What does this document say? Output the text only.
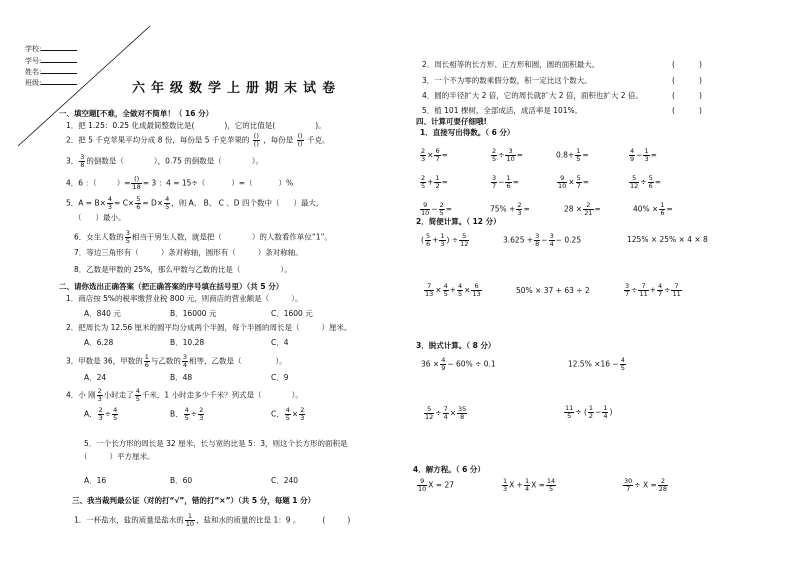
学校:
学号:
姓名:
班级:	六年级数学上册期末试卷
一、填空题[不难，全做对不简单！（ 16 分）
1．把 1.25：0.25 化成最简整数比是(	)，它的比值是(	)。
2．把 5 千克苹果平均分成 8 份，每份是 5 千克苹果的 $\frac{()}{()}$ ，每份是 $\frac{()}{()}$ 千克。
3． $\frac{3}{8}$ 的倒数是（	），0.75 的倒数是（	）。
4．6 ：（	）= $\frac{()}{18} = 3$ ：4 = 15÷（	）=（	）%
5．$A = B\times \frac{4}{3} = C\times \frac{5}{6} = D\times \frac{4}{5}$ ，则 A、 B、 C 、D 四个数中（ ）最大,
（ ）最小。
6．女生人数的 $\frac{3}{5}$ 相当于男生人数，就是把（	）的人数看作单位“1”。
7．等边三角形有（	）条对称轴，圆形有（	）条对称轴。
8．乙数是甲数的 25%，那么甲数与乙数的比是（	）。
二、请你选出正确答案（把正确答案的序号填在括号里）（共 5 分）
1．商店按 5%的税率缴营业税 800 元，则商店的营业额是（	）。
A．840 元	B．16000 元	C．1600 元
2．把周长为 12.56 厘米的圆平均分成两个半圆，每个半圆的周长是（	）厘米。
A．6.28	B．10.28	C．4
3．甲数是 36，甲数的 $\frac{1}{6}$ 与乙数的 $\frac{3}{4}$ 相等，乙数是（	）。
A．24	B．48	C．9
4．小 刚 $\frac{2}{3}$ 小时走了 $\frac{4}{5}$ 千米，1 小时走多少千米？列式是（	）。
A． $\frac{2}{3} \div \frac{4}{5}$	B． $\frac{4}{5} \div \frac{2}{3}$	C． $\frac{4}{5} \times \frac{2}{3}$
5．一个长方形的周长是 32 厘米，长与宽的比是 5：3，则这个长方形的面积是
（	）平方厘米。
A．16	B．60	C．240
三、我当裁判最公证（对的打“√”，错的打“×”）（共 5 分，每题 1 分）
1．一杯盐水，盐的质量是盐水的 $\frac{1}{10}$ ，盐和水的质量的比是 1：9 。	(	)
2．周长相等的长方形、正方形和圆，圆的面积最大。	(	)
3．一个不为零的数乘假分数，积一定比这个数大。	(	)
4．圆的半径扩大 2 倍，它的周长就扩大 2 倍，面积也扩大 2 倍。	(	)
5．植 101 棵树，全部成活，成活率是 101%。	(	)
四、计算可要仔细哦!
1．直接写出得数。（ 6 分）
$\frac{2}{3} \times \frac{6}{7}$ =	$\frac{2}{5} \div \frac{3}{10}$ =	$0.8+ \frac{1}{5}$ =	$\frac{4}{9} - \frac{1}{3}$ =
$\frac{2}{5} + \frac{1}{2}$ =	$\frac{3}{7} - \frac{1}{6}$ =	$\frac{9}{10} \times \frac{5}{7}$ =	$\frac{5}{12} \div \frac{5}{6}$ =
$\frac{9}{10} - \frac{2}{5}$ =	$75\% + \frac{2}{3}$ =	$28 \times \frac{2}{21}$ =	$40\% \times \frac{1}{6}$ =
2．简便计算。（ 12 分）
( $\frac{5}{6} + \frac{1}{3}$ ) ÷ $\frac{5}{12}$	$3.625 + \frac{3}{8} - \frac{3}{4} - 0.25$	125% × 25% × 4 × 8
$\frac{7}{13} \times \frac{4}{5} + \frac{4}{5} \times \frac{6}{13}$	50% × 37 + 63 ÷ 2	$\frac{3}{7} \div \frac{7}{11} + \frac{4}{7} \div \frac{7}{11}$
3．脱式计算。（ 8 分）
$36 \times \frac{4}{9} - 60\% \div 0.1$	$12.5\% \times 16 - \frac{4}{5}$
$\frac{5}{12} \div \frac{7}{4} \times \frac{35}{8}$	$\frac{11}{5}$ ÷ ( $\frac{1}{2} - \frac{1}{4}$ )
4．解方程。（ 6 分）
$\frac{9}{10}$ X = 27	$\frac{1}{3}$ $X + \frac{1}{4}$ $X = \frac{14}{5}$	$\frac{30}{7} \div X = \frac{2}{28}$
